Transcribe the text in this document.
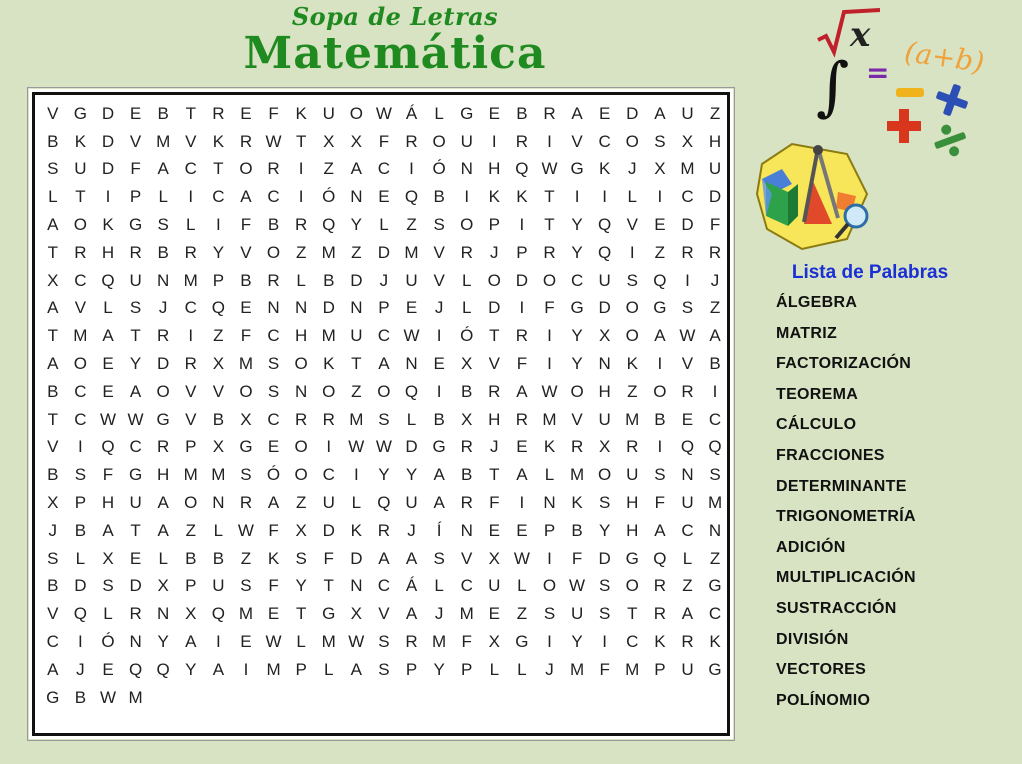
Sopa de Letras
Matemática
V G D E B T R E F K U O W Á	L G E B R A E D A U Z
B K D V M V K R W T X X F R O U	I	R	I	V C O S X H
S U D F A C T O R	I	Z A C	I	Ó N H Q W G K	J	X M U
L	T	I	P	L	I	C A C	I	Ó N E Q B	I	K K T	I	I	L	I	C D
A O K G S	L	I	F B R Q Y	L	Z S O P	I	T Y Q V E D F
T R H R B R Y V O Z M Z D M V R	J	P R Y Q	I	Z R R
X C Q U N M P B R L	B D	J	U V	L O D O C U S Q	I	J
A V	L	S	J	C Q E N N D N P E	J	L D	I	F G D O G S Z
T M A T R	I	Z	F C H M U C W	I	Ó T R	I	Y X O A W A
A O E Y D R X M S O K T A N E X V F	I	Y N K	I	V B
B C E A O V V O S N O Z O Q	I	B R A W O H Z O R	I
T C W W G V B X C R R M S	L	B X H R M V U M B E C
V	I	Q C R P X G E O	I	W W D G R	J	E K R X R	I	Q Q
B S F G H M M S Ó O C	I	Y Y A B T A	L M O U S N S
X P H U A O N R A Z U L Q U A R F	I	N K S H F U M
J	B A T A Z	L W F X D K R	J	Í	N E E P B Y H A C N
S	L	X E	L	B B Z K S F D A A S V X W	I	F D G Q L	Z
B D S D X P U S F Y T N C Á	L C U L O W S O R Z G
V Q L R N X Q M E T G X V A	J M E Z S U S T R A C
C	I	Ó N Y A	I	E W L M W S R M F X G	I	Y	I	C K R K
A	J	E Q Q Y A	I	M P	L	A S P Y P	L	L	J M F M P U G
G B W M
x
∫ = (a+b)
Lista de Palabras
ÁLGEBRA
MATRIZ
FACTORIZACIÓN
TEOREMA
CÁLCULO
FRACCIONES
DETERMINANTE
TRIGONOMETRÍA
ADICIÓN
MULTIPLICACIÓN
SUSTRACCIÓN
DIVISIÓN
VECTORES
POLÍNOMIO
